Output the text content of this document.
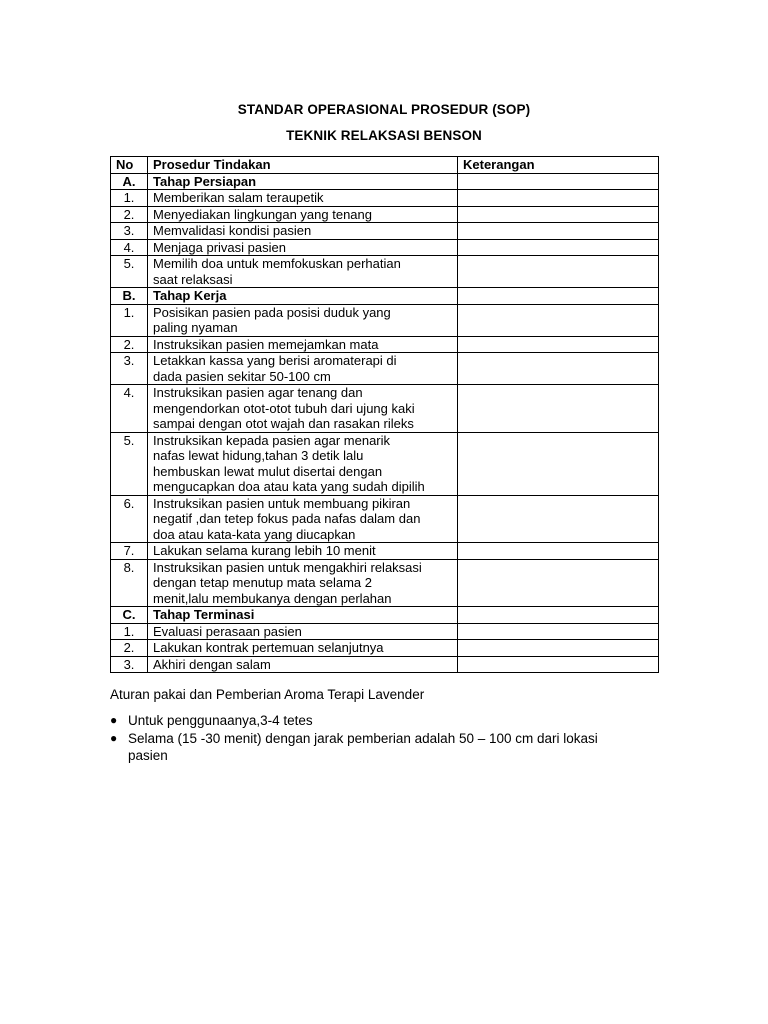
STANDAR OPERASIONAL PROSEDUR (SOP)
TEKNIK RELAKSASI BENSON
No	Prosedur Tindakan	Keterangan
A.	Tahap Persiapan	
1.	Memberikan salam teraupetik	
2.	Menyediakan lingkungan yang tenang	
3.	Memvalidasi kondisi pasien	
4.	Menjaga privasi pasien	
5.	Memilih doa untuk memfokuskan perhatian
saat relaksasi	
B.	Tahap Kerja	
1.	Posisikan pasien pada posisi duduk yang
paling nyaman	
2.	Instruksikan pasien memejamkan mata	
3.	Letakkan kassa yang berisi aromaterapi di
dada pasien sekitar 50-100 cm	
4.	Instruksikan pasien agar tenang dan
mengendorkan otot-otot tubuh dari ujung kaki
sampai dengan otot wajah dan rasakan rileks	
5.	Instruksikan kepada pasien agar menarik
nafas lewat hidung,tahan 3 detik lalu
hembuskan lewat mulut disertai dengan
mengucapkan doa atau kata yang sudah dipilih	
6.	Instruksikan pasien untuk membuang pikiran
negatif ,dan tetep fokus pada nafas dalam dan
doa atau kata-kata yang diucapkan	
7.	Lakukan selama kurang lebih 10 menit	
8.	Instruksikan pasien untuk mengakhiri relaksasi
dengan tetap menutup mata selama 2
menit,lalu membukanya dengan perlahan	
C.	Tahap Terminasi	
1.	Evaluasi perasaan pasien	
2.	Lakukan kontrak pertemuan selanjutnya	
3.	Akhiri dengan salam	
Aturan pakai dan Pemberian Aroma Terapi Lavender
● Untuk penggunaanya,3-4 tetes
● Selama (15 -30 menit) dengan jarak pemberian adalah 50 – 100 cm dari lokasi
pasien
